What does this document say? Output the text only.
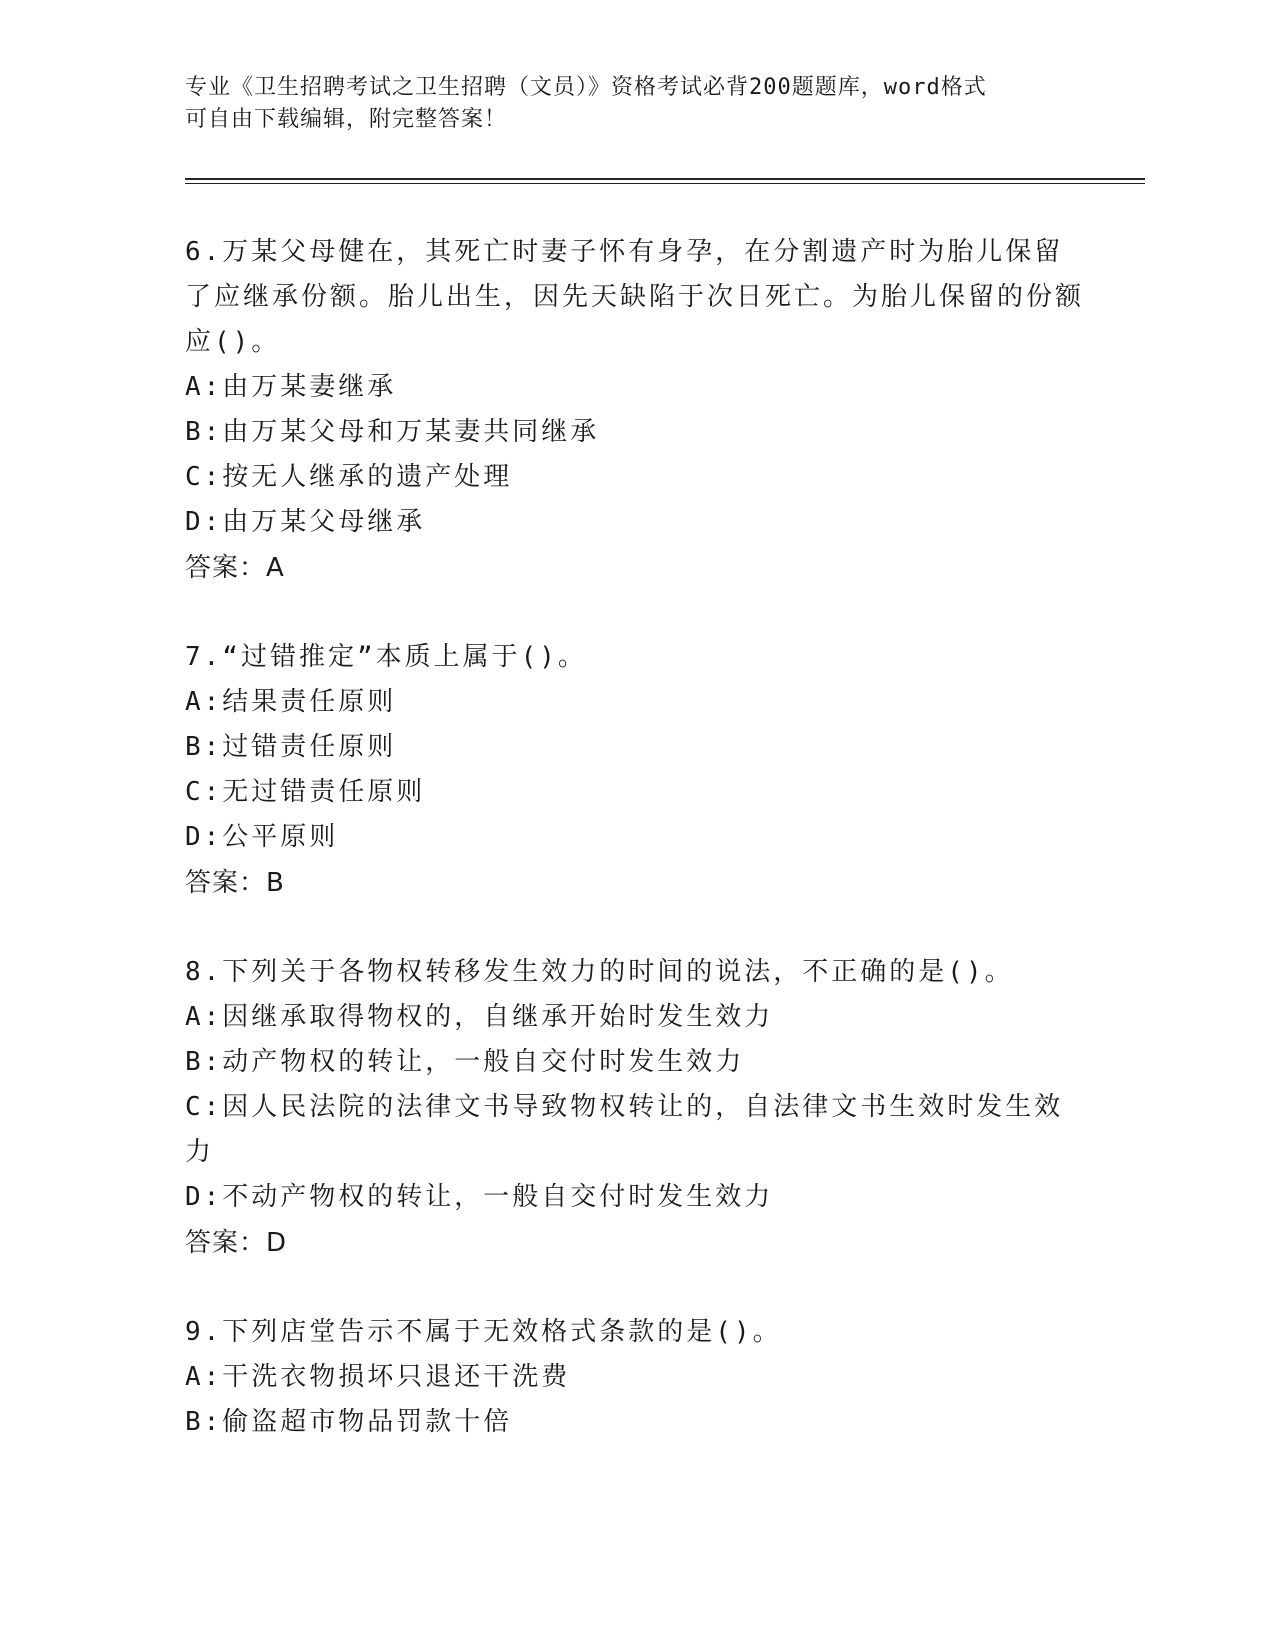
专业《卫生招聘考试之卫生招聘（文员）》资格考试必背200题题库，word格式
可自由下载编辑，附完整答案！

6.万某父母健在，其死亡时妻子怀有身孕，在分割遗产时为胎儿保留了应继承份额。胎儿出生，因先天缺陷于次日死亡。为胎儿保留的份额应()。

A:由万某妻继承

B:由万某父母和万某妻共同继承

C:按无人继承的遗产处理

D:由万某父母继承

答案：A

7.“过错推定”本质上属于()。

A:结果责任原则

B:过错责任原则

C:无过错责任原则

D:公平原则

答案：B

8.下列关于各物权转移发生效力的时间的说法，不正确的是()。

A:因继承取得物权的，自继承开始时发生效力

B:动产物权的转让，一般自交付时发生效力

C:因人民法院的法律文书导致物权转让的，自法律文书生效时发生效力

D:不动产物权的转让，一般自交付时发生效力

答案：D

9.下列店堂告示不属于无效格式条款的是()。

A:干洗衣物损坏只退还干洗费

B:偷盗超市物品罚款十倍
